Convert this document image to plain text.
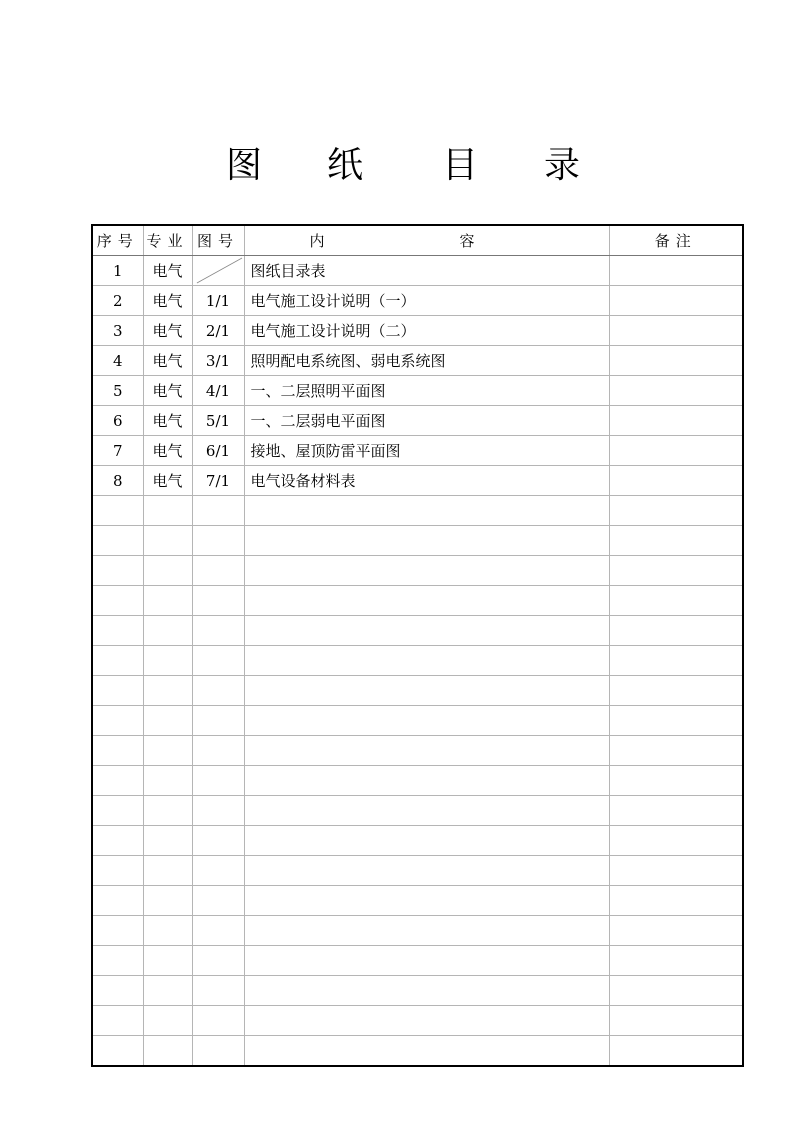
图 纸 目 录
序号	专业	图号	内 容	备注
1	电气		图纸目录表	
2	电气	1/1	电气施工设计说明（一）	
3	电气	2/1	电气施工设计说明（二）	
4	电气	3/1	照明配电系统图、弱电系统图	
5	电气	4/1	一、二层照明平面图	
6	电气	5/1	一、二层弱电平面图	
7	电气	6/1	接地、屋顶防雷平面图	
8	电气	7/1	电气设备材料表	
